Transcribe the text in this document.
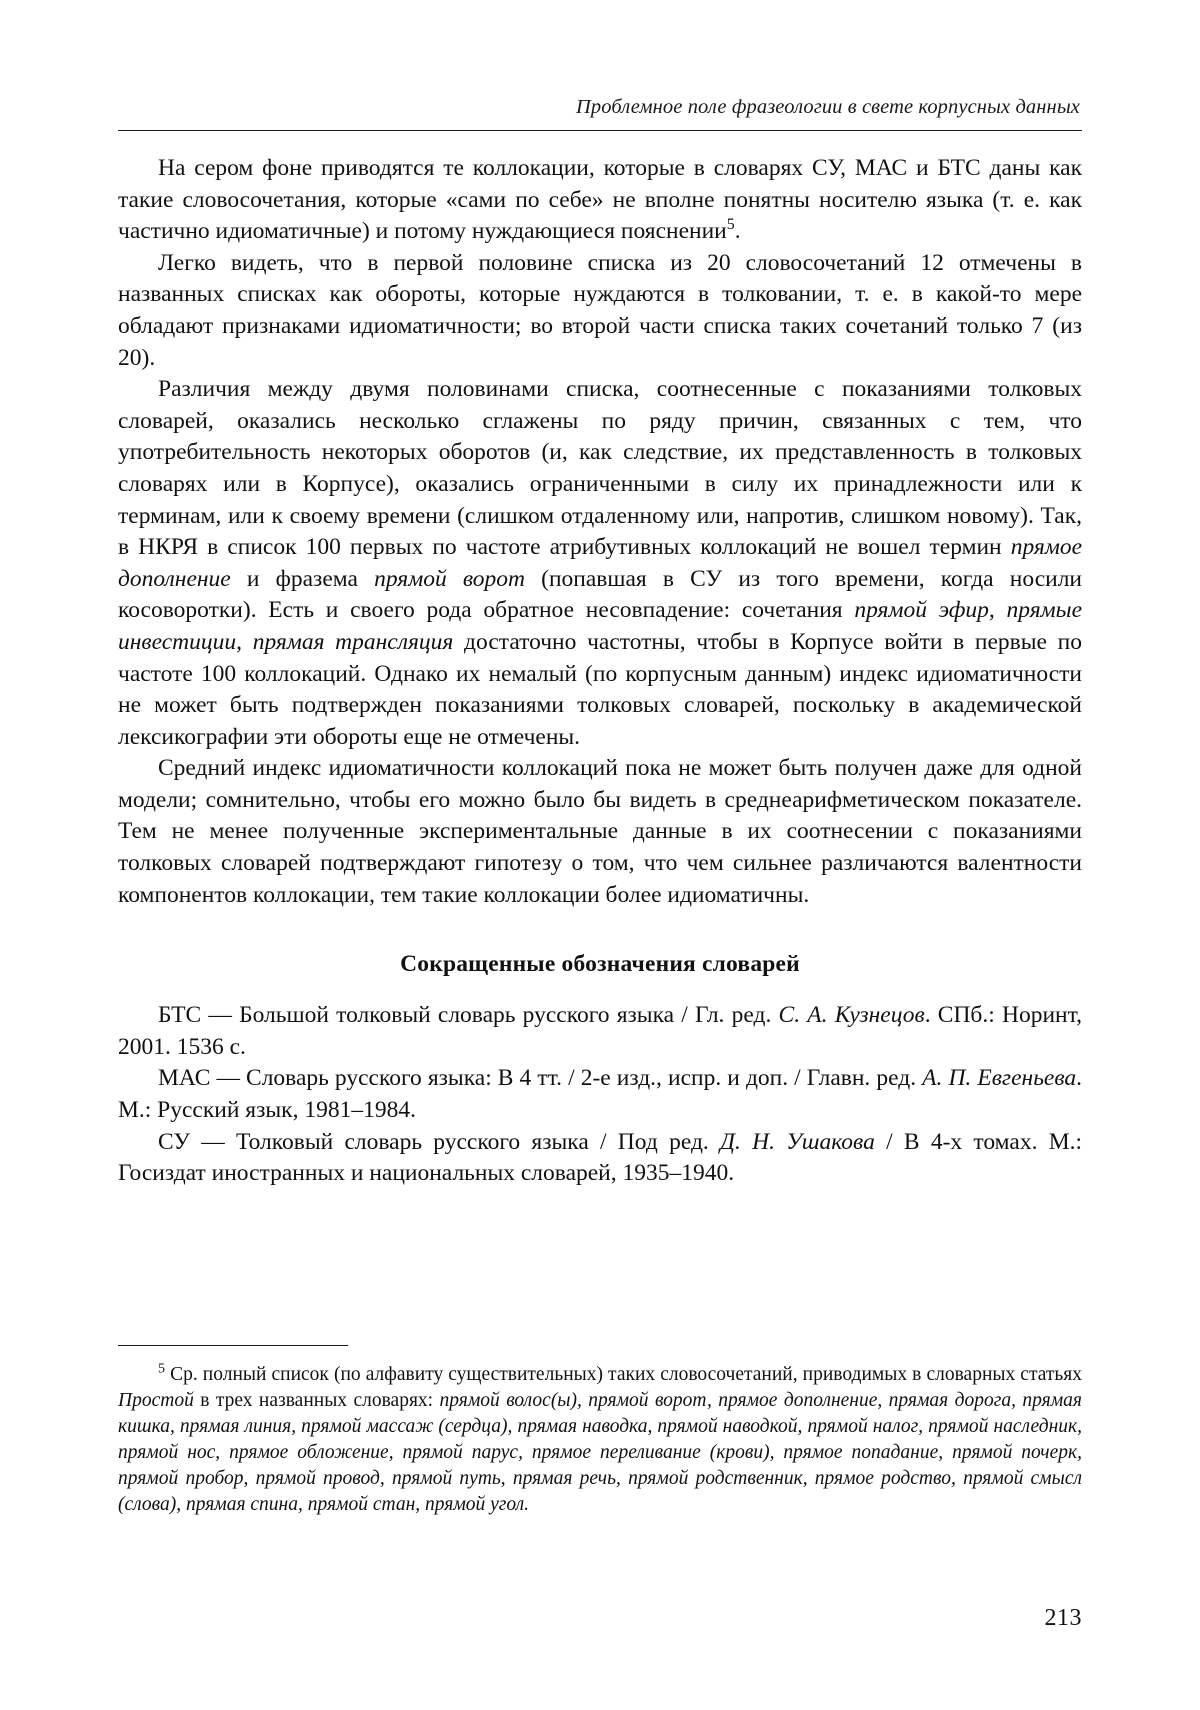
Проблемное поле фразеологии в свете корпусных данных

На сером фоне приводятся те коллокации, которые в словарях СУ, МАС и БТС даны как такие словосочетания, которые «сами по себе» не вполне понятны носителю языка (т. е. как частично идиоматичные) и потому нуждающиеся пояснении$^5$.

Легко видеть, что в первой половине списка из 20 словосочетаний 12 отмечены в названных списках как обороты, которые нуждаются в толковании, т. е. в какой-то мере обладают признаками идиоматичности; во второй части списка таких сочетаний только 7 (из 20).

Различия между двумя половинами списка, соотнесенные с показаниями толковых словарей, оказались несколько сглажены по ряду причин, связанных с тем, что употребительность некоторых оборотов (и, как следствие, их представленность в толковых словарях или в Корпусе), оказались ограниченными в силу их принадлежности или к терминам, или к своему времени (слишком отдаленному или, напротив, слишком новому). Так, в НКРЯ в список 100 первых по частоте атрибутивных коллокаций не вошел термин прямое дополнение и фразема прямой ворот (попавшая в СУ из того времени, когда носили косоворотки). Есть и своего рода обратное несовпадение: сочетания прямой эфир, прямые инвестиции, прямая трансляция достаточно частотны, чтобы в Корпусе войти в первые по частоте 100 коллокаций. Однако их немалый (по корпусным данным) индекс идиоматичности не может быть подтвержден показаниями толковых словарей, поскольку в академической лексикографии эти обороты еще не отмечены.

Средний индекс идиоматичности коллокаций пока не может быть получен даже для одной модели; сомнительно, чтобы его можно было бы видеть в среднеарифметическом показателе. Тем не менее полученные экспериментальные данные в их соотнесении с показаниями толковых словарей подтверждают гипотезу о том, что чем сильнее различаются валентности компонентов коллокации, тем такие коллокации более идиоматичны.

Сокращенные обозначения словарей

БТС — Большой толковый словарь русского языка / Гл. ред. С. А. Кузнецов. СПб.: Норинт, 2001. 1536 с.

МАС — Словарь русского языка: В 4 тт. / 2-е изд., испр. и доп. / Главн. ред. А. П. Евгеньева. М.: Русский язык, 1981–1984.

СУ — Толковый словарь русского языка / Под ред. Д. Н. Ушакова / В 4-х томах. М.: Госиздат иностранных и национальных словарей, 1935–1940.

$^5$ Ср. полный список (по алфавиту существительных) таких словосочетаний, приводимых в словарных статьях Простой в трех названных словарях: прямой волос(ы), прямой ворот, прямое дополнение, прямая дорога, прямая кишка, прямая линия, прямой массаж (сердца), прямая наводка, прямой наводкой, прямой налог, прямой наследник, прямой нос, прямое обложение, прямой парус, прямое переливание (крови), прямое попадание, прямой почерк, прямой пробор, прямой провод, прямой путь, прямая речь, прямой родственник, прямое родство, прямой смысл (слова), прямая спина, прямой стан, прямой угол.

213
